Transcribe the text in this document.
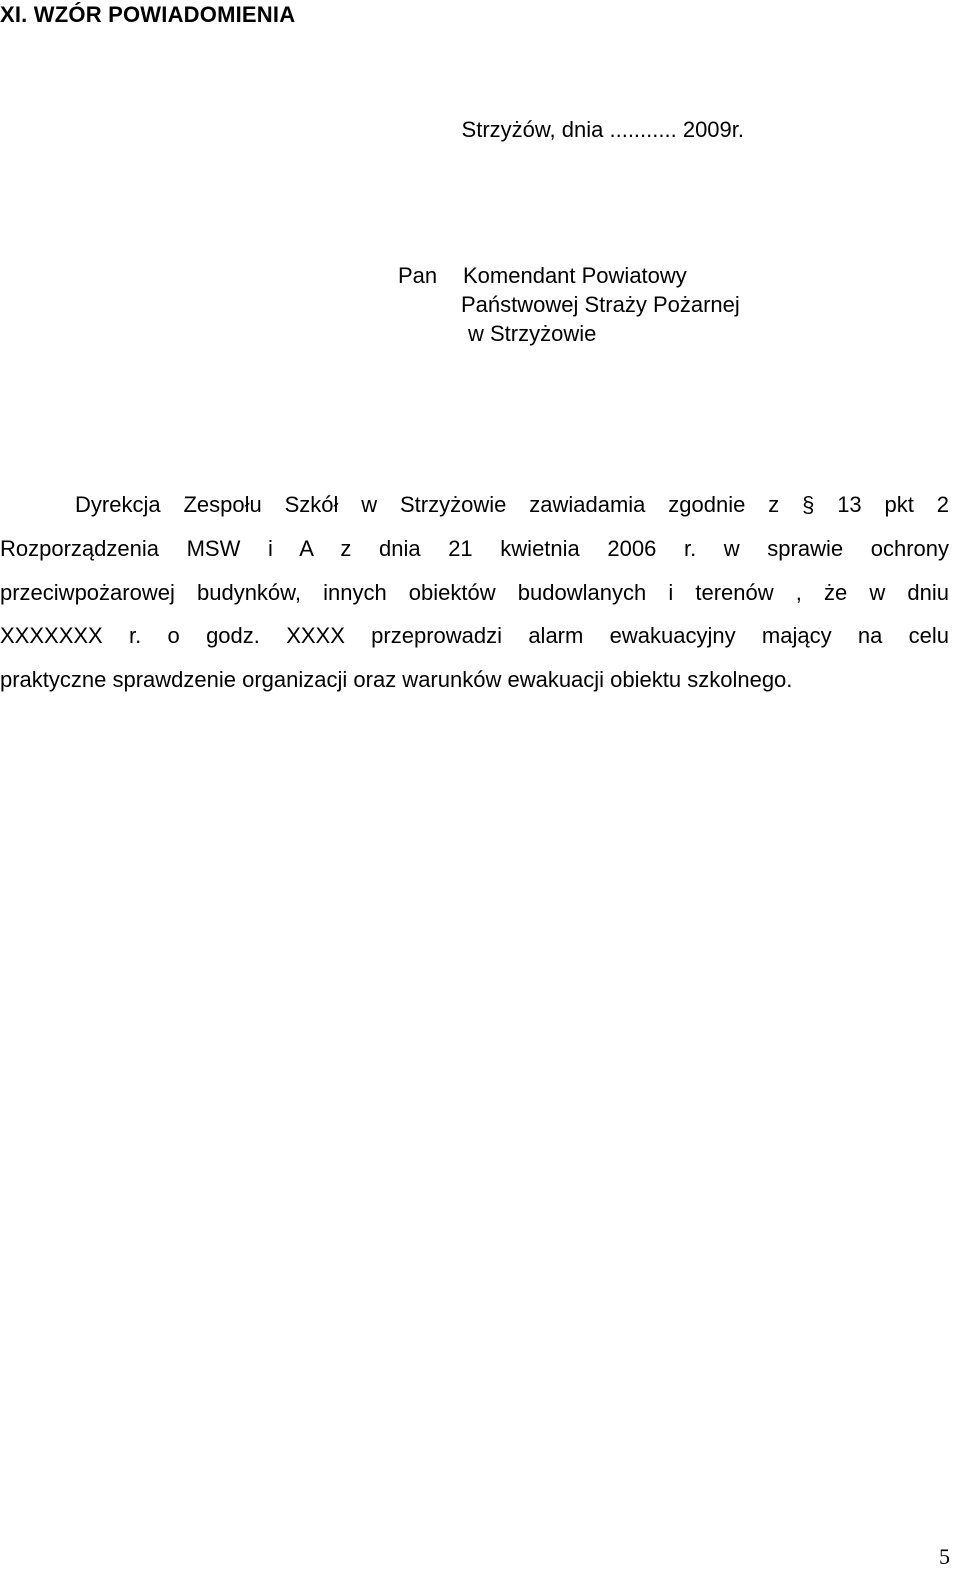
XI. WZÓR POWIADOMIENIA
Strzyżów, dnia ........... 2009r.
Pan Komendant Powiatowy
Państwowej Straży Pożarnej
w Strzyżowie
Dyrekcja Zespołu Szkół w Strzyżowie zawiadamia zgodnie z § 13 pkt 2
Rozporządzenia MSW i A z dnia 21 kwietnia 2006 r. w sprawie ochrony
przeciwpożarowej budynków, innych obiektów budowlanych i terenów , że w dniu
XXXXXXX r. o godz. XXXX przeprowadzi alarm ewakuacyjny mający na celu
praktyczne sprawdzenie organizacji oraz warunków ewakuacji obiektu szkolnego.
5
